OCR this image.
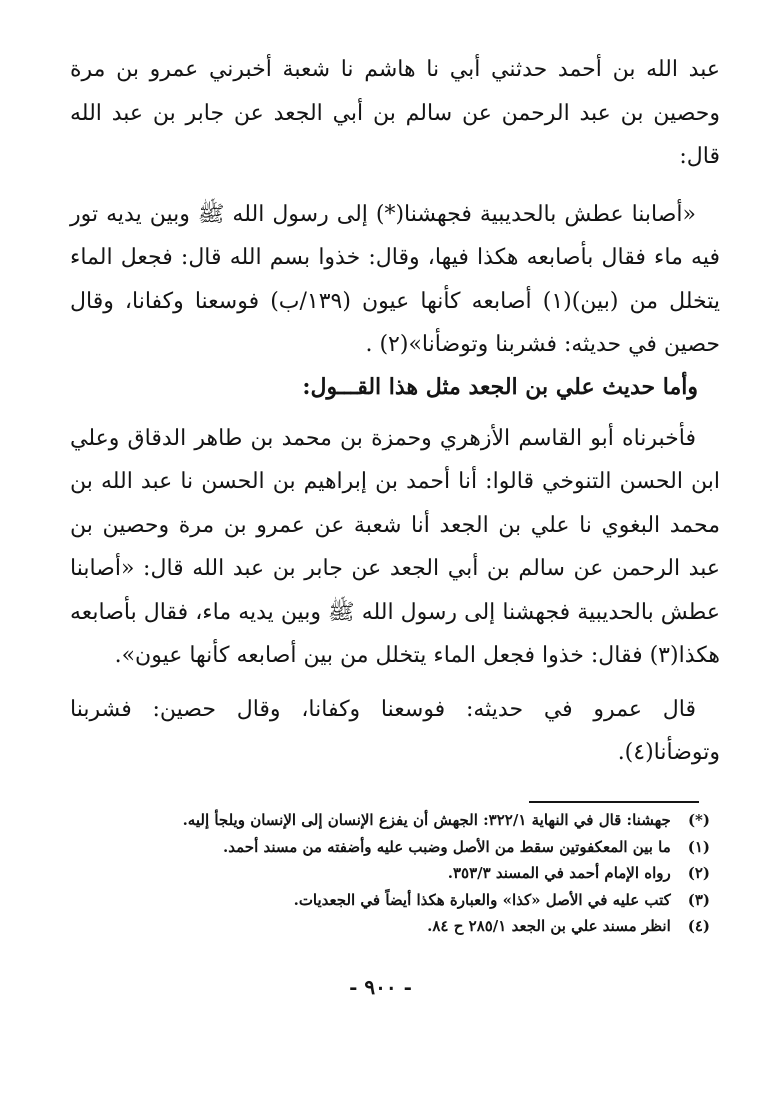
عبد الله بن أحمد حدثني أبي نا هاشم نا شعبة أخبرني عمرو بن مرة
وحصين بن عبد الرحمن عن سالم بن أبي الجعد عن جابر بن عبد الله
قال:

«أصابنا عطش بالحديبية فجهشنا(*) إلى رسول الله ﷺ وبين يديه تور

فيه ماء فقال بأصابعه هكذا فيها، وقال: خذوا بسم الله قال: فجعل الماء
يتخلل من (بين)(١) أصابعه كأنها عيون (١٣٩/ب) فوسعنا وكفانا، وقال
حصين في حديثه: فشربنا وتوضأنا»(٢) .

وأما حديث علي بن الجعد مثل هذا القـــول:

فأخبرناه أبو القاسم الأزهري وحمزة بن محمد بن طاهر الدقاق وعلي

ابن الحسن التنوخي قالوا: أنا أحمد بن إبراهيم بن الحسن نا عبد الله بن
محمد البغوي نا علي بن الجعد أنا شعبة عن عمرو بن مرة وحصين بن
عبد الرحمن عن سالم بن أبي الجعد عن جابر بن عبد الله قال: «أصابنا
عطش بالحديبية فجهشنا إلى رسول الله ﷺ وبين يديه ماء، فقال بأصابعه
هكذا(٣) فقال: خذوا فجعل الماء يتخلل من بين أصابعه كأنها عيون».

قال عمرو في حديثه: فوسعنا وكفانا، وقال حصين: فشربنا

وتوضأنا(٤).

(*) جهشنا: قال في النهاية ٣٢٢/١: الجهش أن يفزع الإنسان إلى الإنسان ويلجأ إليه.
(١) ما بين المعكفوتين سقط من الأصل وضبب عليه وأضفته من مسند أحمد.
(٢) رواه الإمام أحمد في المسند ٣٥٣/٣.
(٣) كتب عليه في الأصل «كذا» والعبارة هكذا أيضاً في الجعديات.
(٤) انظر مسند علي بن الجعد ٢٨٥/١ ح ٨٤.
- ٩٠٠ -
